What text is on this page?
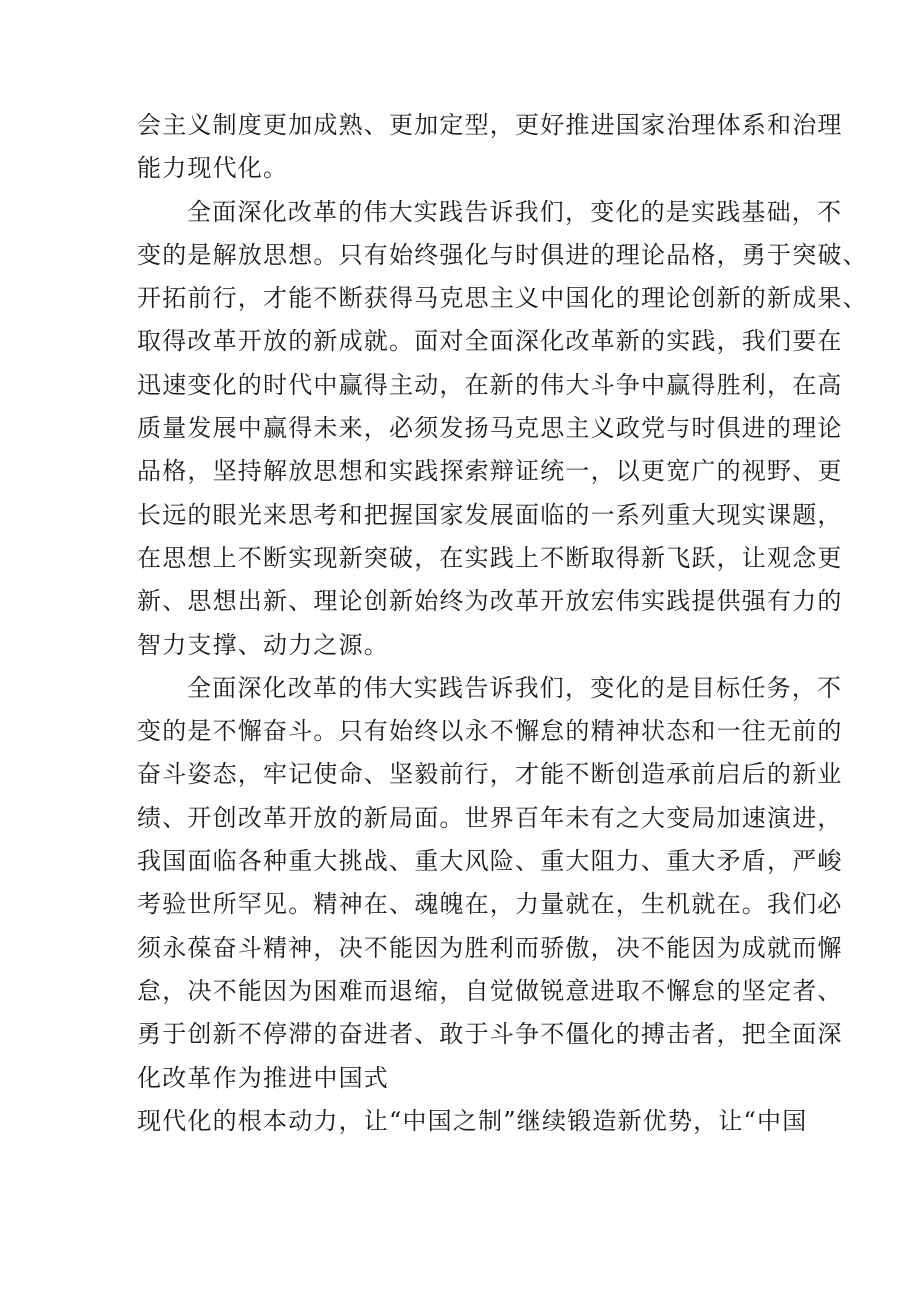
会主义制度更加成熟、更加定型，更好推进国家治理体系和治理
能力现代化。
全面深化改革的伟大实践告诉我们，变化的是实践基础，不
变的是解放思想。只有始终强化与时俱进的理论品格，勇于突破、
开拓前行，才能不断获得马克思主义中国化的理论创新的新成果、
取得改革开放的新成就。面对全面深化改革新的实践，我们要在
迅速变化的时代中赢得主动，在新的伟大斗争中赢得胜利，在高
质量发展中赢得未来，必须发扬马克思主义政党与时俱进的理论
品格，坚持解放思想和实践探索辩证统一，以更宽广的视野、更
长远的眼光来思考和把握国家发展面临的一系列重大现实课题，
在思想上不断实现新突破，在实践上不断取得新飞跃，让观念更
新、思想出新、理论创新始终为改革开放宏伟实践提供强有力的
智力支撑、动力之源。
全面深化改革的伟大实践告诉我们，变化的是目标任务，不
变的是不懈奋斗。只有始终以永不懈怠的精神状态和一往无前的
奋斗姿态，牢记使命、坚毅前行，才能不断创造承前启后的新业
绩、开创改革开放的新局面。世界百年未有之大变局加速演进，
我国面临各种重大挑战、重大风险、重大阻力、重大矛盾，严峻
考验世所罕见。精神在、魂魄在，力量就在，生机就在。我们必
须永葆奋斗精神，决不能因为胜利而骄傲，决不能因为成就而懈
怠，决不能因为困难而退缩，自觉做锐意进取不懈怠的坚定者、
勇于创新不停滞的奋进者、敢于斗争不僵化的搏击者，把全面深
化改革作为推进中国式
现代化的根本动力，让“中国之制”继续锻造新优势，让“中国
